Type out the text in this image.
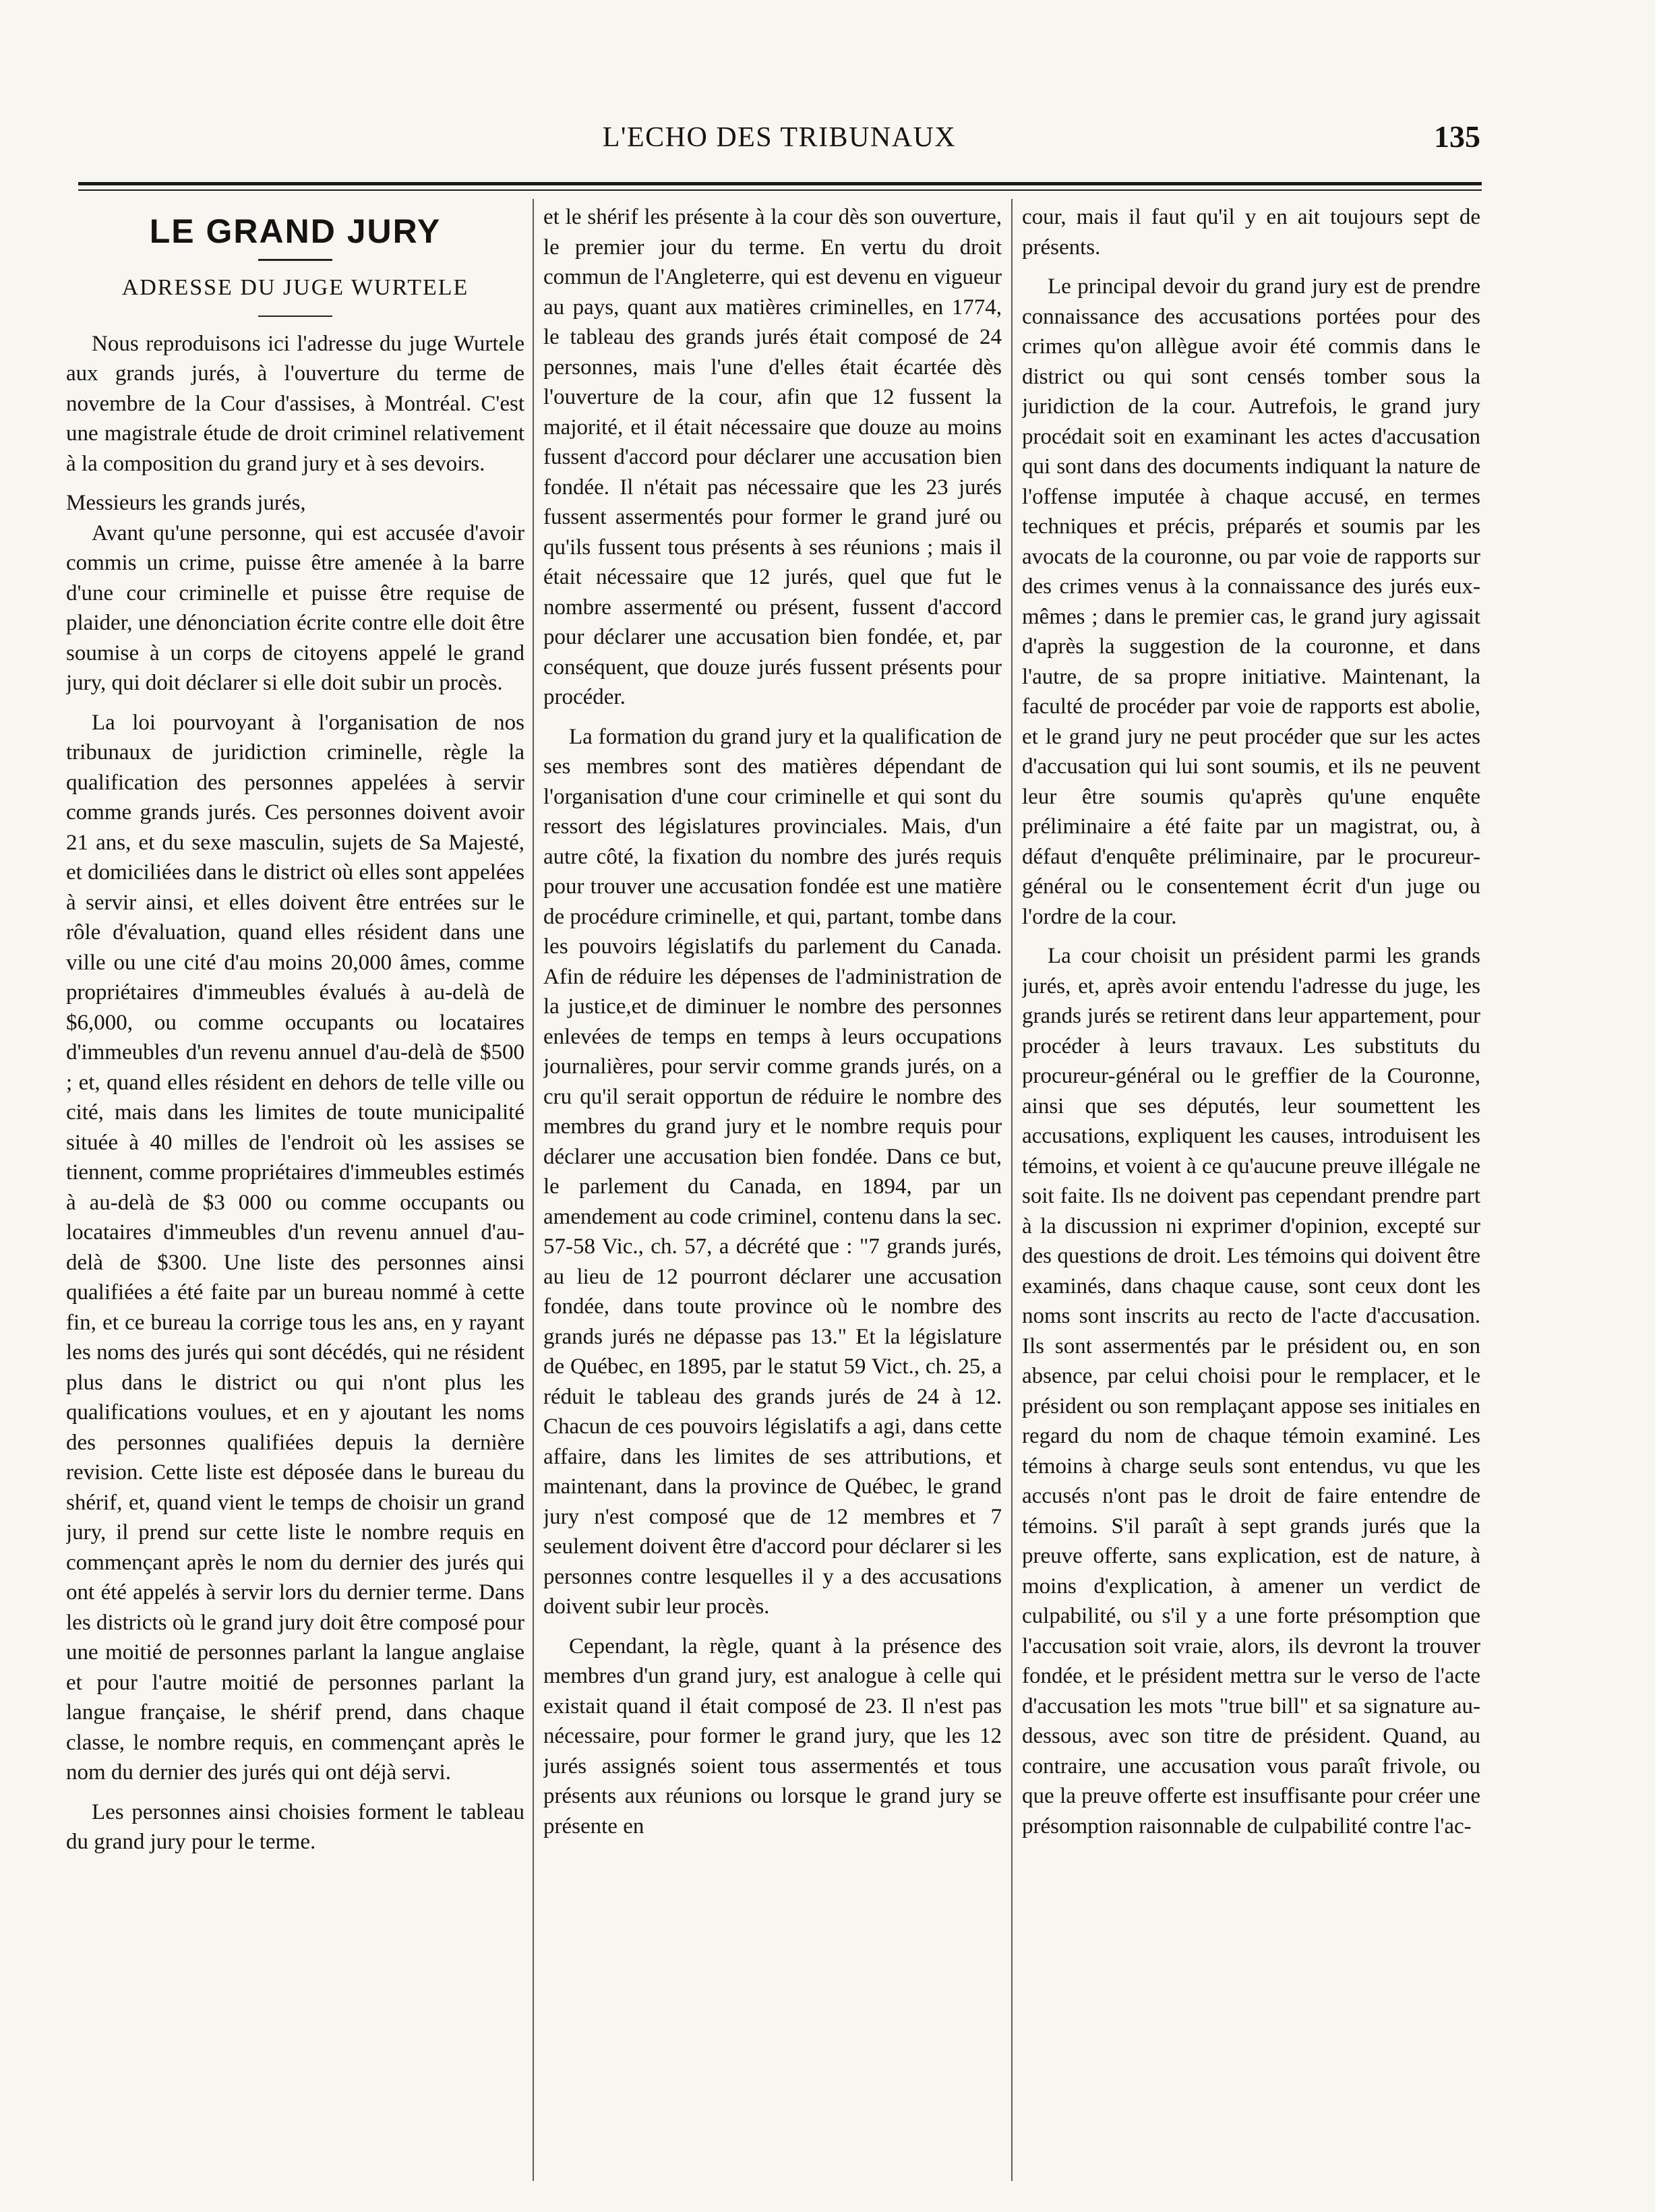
L'ECHO DES TRIBUNAUX	135
LE GRAND JURY
ADRESSE DU JUGE WURTELE

Nous reproduisons ici l'adresse du juge Wurtele aux grands jurés, à l'ouverture du terme de novembre de la Cour d'assises, à Montréal. C'est une magistrale étude de droit criminel relativement à la composition du grand jury et à ses devoirs.

Messieurs les grands jurés,

Avant qu'une personne, qui est accusée d'avoir commis un crime, puisse être amenée à la barre d'une cour criminelle et puisse être requise de plaider, une dénonciation écrite contre elle doit être soumise à un corps de citoyens appelé le grand jury, qui doit déclarer si elle doit subir un procès.

La loi pourvoyant à l'organisation de nos tribunaux de juridiction criminelle, règle la qualification des personnes appelées à servir comme grands jurés. Ces personnes doivent avoir 21 ans, et du sexe masculin, sujets de Sa Majesté, et domiciliées dans le district où elles sont appelées à servir ainsi, et elles doivent être entrées sur le rôle d'évaluation, quand elles résident dans une ville ou une cité d'au moins 20,000 âmes, comme propriétaires d'immeubles évalués à au-delà de $6,000, ou comme occupants ou locataires d'immeubles d'un revenu annuel d'au-delà de $500 ; et, quand elles résident en dehors de telle ville ou cité, mais dans les limites de toute municipalité située à 40 milles de l'endroit où les assises se tiennent, comme propriétaires d'immeubles estimés à au-delà de $3 000 ou comme occupants ou locataires d'immeubles d'un revenu annuel d'au-delà de $300. Une liste des personnes ainsi qualifiées a été faite par un bureau nommé à cette fin, et ce bureau la corrige tous les ans, en y rayant les noms des jurés qui sont décédés, qui ne résident plus dans le district ou qui n'ont plus les qualifications voulues, et en y ajoutant les noms des personnes qualifiées depuis la dernière revision. Cette liste est déposée dans le bureau du shérif, et, quand vient le temps de choisir un grand jury, il prend sur cette liste le nombre requis en commençant après le nom du dernier des jurés qui ont été appelés à servir lors du dernier terme. Dans les districts où le grand jury doit être composé pour une moitié de personnes parlant la langue anglaise et pour l'autre moitié de personnes parlant la langue française, le shérif prend, dans chaque classe, le nombre requis, en commençant après le nom du dernier des jurés qui ont déjà servi.

Les personnes ainsi choisies forment le tableau du grand jury pour le terme.

et le shérif les présente à la cour dès son ouverture, le premier jour du terme. En vertu du droit commun de l'Angleterre, qui est devenu en vigueur au pays, quant aux matières criminelles, en 1774, le tableau des grands jurés était composé de 24 personnes, mais l'une d'elles était écartée dès l'ouverture de la cour, afin que 12 fussent la majorité, et il était nécessaire que douze au moins fussent d'accord pour déclarer une accusation bien fondée. Il n'était pas nécessaire que les 23 jurés fussent assermentés pour former le grand juré ou qu'ils fussent tous présents à ses réunions ; mais il était nécessaire que 12 jurés, quel que fut le nombre assermenté ou présent, fussent d'accord pour déclarer une accusation bien fondée, et, par conséquent, que douze jurés fussent présents pour procéder.

La formation du grand jury et la qualification de ses membres sont des matières dépendant de l'organisation d'une cour criminelle et qui sont du ressort des législatures provinciales. Mais, d'un autre côté, la fixation du nombre des jurés requis pour trouver une accusation fondée est une matière de procédure criminelle, et qui, partant, tombe dans les pouvoirs législatifs du parlement du Canada. Afin de réduire les dépenses de l'administration de la justice,et de diminuer le nombre des personnes enlevées de temps en temps à leurs occupations journalières, pour servir comme grands jurés, on a cru qu'il serait opportun de réduire le nombre des membres du grand jury et le nombre requis pour déclarer une accusation bien fondée. Dans ce but, le parlement du Canada, en 1894, par un amendement au code criminel, contenu dans la sec. 57-58 Vic., ch. 57, a décrété que : "7 grands jurés, au lieu de 12 pourront déclarer une accusation fondée, dans toute province où le nombre des grands jurés ne dépasse pas 13." Et la législature de Québec, en 1895, par le statut 59 Vict., ch. 25, a réduit le tableau des grands jurés de 24 à 12. Chacun de ces pouvoirs législatifs a agi, dans cette affaire, dans les limites de ses attributions, et maintenant, dans la province de Québec, le grand jury n'est composé que de 12 membres et 7 seulement doivent être d'accord pour déclarer si les personnes contre lesquelles il y a des accusations doivent subir leur procès.

Cependant, la règle, quant à la présence des membres d'un grand jury, est analogue à celle qui existait quand il était composé de 23. Il n'est pas nécessaire, pour former le grand jury, que les 12 jurés assignés soient tous assermentés et tous présents aux réunions ou lorsque le grand jury se présente en

cour, mais il faut qu'il y en ait toujours sept de présents.

Le principal devoir du grand jury est de prendre connaissance des accusations portées pour des crimes qu'on allègue avoir été commis dans le district ou qui sont censés tomber sous la juridiction de la cour. Autrefois, le grand jury procédait soit en examinant les actes d'accusation qui sont dans des documents indiquant la nature de l'offense imputée à chaque accusé, en termes techniques et précis, préparés et soumis par les avocats de la couronne, ou par voie de rapports sur des crimes venus à la connaissance des jurés eux-mêmes ; dans le premier cas, le grand jury agissait d'après la suggestion de la couronne, et dans l'autre, de sa propre initiative. Maintenant, la faculté de procéder par voie de rapports est abolie, et le grand jury ne peut procéder que sur les actes d'accusation qui lui sont soumis, et ils ne peuvent leur être soumis qu'après qu'une enquête préliminaire a été faite par un magistrat, ou, à défaut d'enquête préliminaire, par le procureur-général ou le consentement écrit d'un juge ou l'ordre de la cour.

La cour choisit un président parmi les grands jurés, et, après avoir entendu l'adresse du juge, les grands jurés se retirent dans leur appartement, pour procéder à leurs travaux. Les substituts du procureur-général ou le greffier de la Couronne, ainsi que ses députés, leur soumettent les accusations, expliquent les causes, introduisent les témoins, et voient à ce qu'aucune preuve illégale ne soit faite. Ils ne doivent pas cependant prendre part à la discussion ni exprimer d'opinion, excepté sur des questions de droit. Les témoins qui doivent être examinés, dans chaque cause, sont ceux dont les noms sont inscrits au recto de l'acte d'accusation. Ils sont assermentés par le président ou, en son absence, par celui choisi pour le remplacer, et le président ou son remplaçant appose ses initiales en regard du nom de chaque témoin examiné. Les témoins à charge seuls sont entendus, vu que les accusés n'ont pas le droit de faire entendre de témoins. S'il paraît à sept grands jurés que la preuve offerte, sans explication, est de nature, à moins d'explication, à amener un verdict de culpabilité, ou s'il y a une forte présomption que l'accusation soit vraie, alors, ils devront la trouver fondée, et le président mettra sur le verso de l'acte d'accusation les mots "true bill" et sa signature au-dessous, avec son titre de président. Quand, au contraire, une accusation vous paraît frivole, ou que la preuve offerte est insuffisante pour créer une présomption raisonnable de culpabilité contre l'ac-
